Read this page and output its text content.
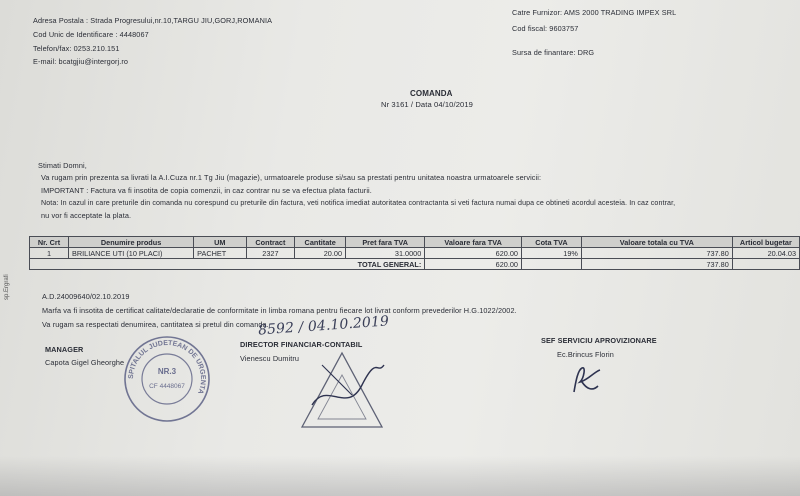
Adresa Postala : Strada Progresului,nr.10,TARGU JIU,GORJ,ROMANIA
Cod Unic de Identificare : 4448067
Telefon/fax: 0253.210.151
E-mail: bcatgjiu@intergorj.ro
Catre Furnizor: AMS 2000 TRADING IMPEX SRL
Cod fiscal: 9603757
Sursa de finantare: DRG
COMANDA
Nr 3161 / Data 04/10/2019
Stimati Domni,
Va rugam prin prezenta sa livrati la A.I.Cuza nr.1 Tg Jiu (magazie), urmatoarele produse si/sau sa prestati pentru unitatea noastra urmatoarele servicii:
IMPORTANT : Factura va fi insotita de copia comenzii, in caz contrar nu se va efectua plata facturii.
Nota: In cazul in care preturile din comanda nu corespund cu preturile din factura, veti notifica imediat autoritatea contractanta si veti factura numai dupa ce obtineti acordul acesteia. In caz contrar,
nu vor fi acceptate la plata.
Nr. Crt	Denumire produs	UM	Contract	Cantitate	Pret fara TVA	Valoare fara TVA	Cota TVA	Valoare totala cu TVA	Articol bugetar
1	BRILIANCE UTI (10 PLACI)	PACHET	2327	20.00	31.0000	620.00	19%	737.80	20.04.03
TOTAL GENERAL:						620.00		737.80	
A.D.24009640/02.10.2019
Marfa va fi insotita de certificat calitate/declaratie de conformitate in limba romana pentru fiecare lot livrat conform prevederilor H.G.1022/2002.
Va rugam sa respectati denumirea, cantitatea si pretul din comanda.
8592 / 04.10.2019
MANAGER
Capota Gigel Gheorghe
DIRECTOR FINANCIAR-CONTABIL
Vienescu Dumitru
SEF SERVICIU APROVIZIONARE
Ec.Brincus Florin
SPITALUL JUDETEAN DE URGENTA
NR.3
CF 4448067
sp.Ergrafi
